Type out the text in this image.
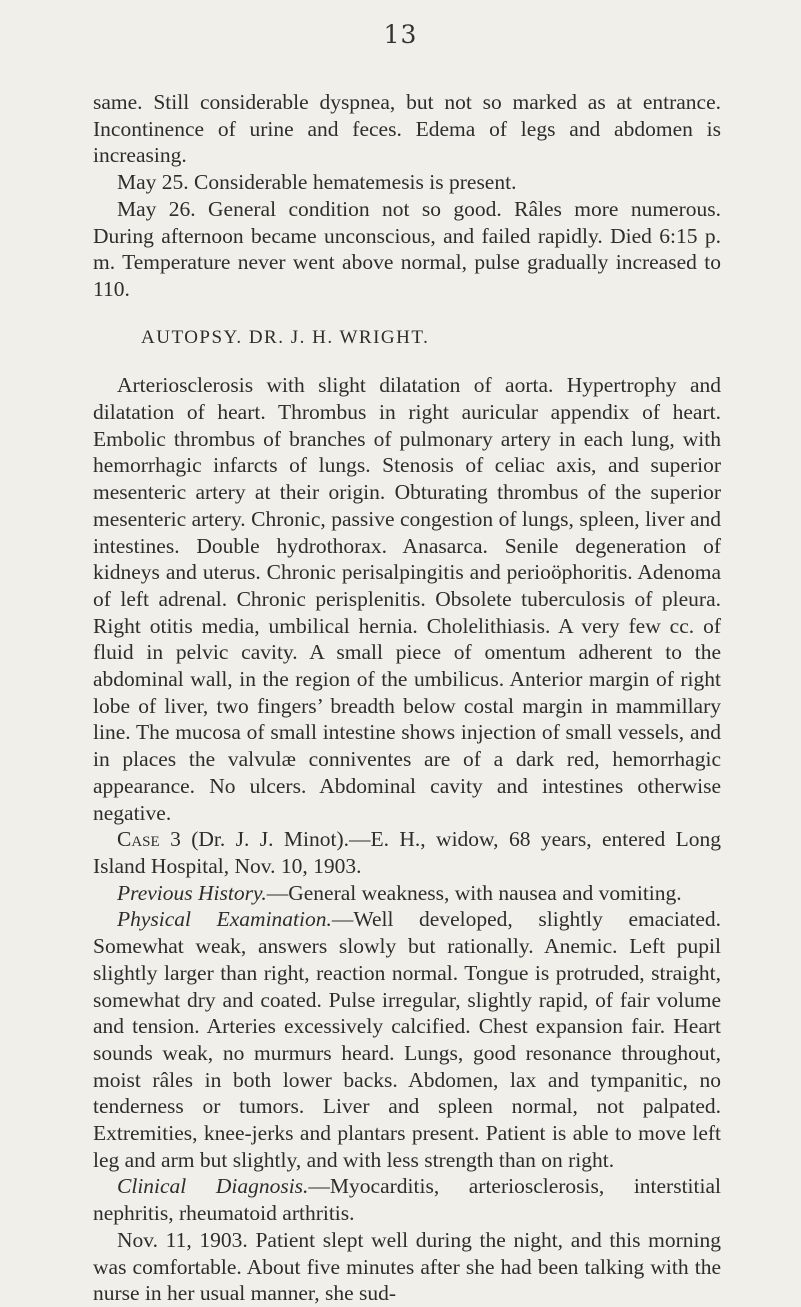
13

same. Still considerable dyspnea, but not so marked as at entrance. Incontinence of urine and feces. Edema of legs and abdomen is increasing.

May 25. Considerable hematemesis is present.

May 26. General condition not so good. Râles more numerous. During afternoon became unconscious, and failed rapidly. Died 6:15 p. m. Temperature never went above normal, pulse gradually increased to 110.

AUTOPSY. DR. J. H. WRIGHT.

Arteriosclerosis with slight dilatation of aorta. Hypertrophy and dilatation of heart. Thrombus in right auricular appendix of heart. Embolic thrombus of branches of pulmonary artery in each lung, with hemorrhagic infarcts of lungs. Stenosis of celiac axis, and superior mesenteric artery at their origin. Obturating thrombus of the superior mesenteric artery. Chronic, passive congestion of lungs, spleen, liver and intestines. Double hydrothorax. Anasarca. Senile degeneration of kidneys and uterus. Chronic perisalpingitis and perioöphoritis. Adenoma of left adrenal. Chronic perisplenitis. Obsolete tuberculosis of pleura. Right otitis media, umbilical hernia. Cholelithiasis. A very few cc. of fluid in pelvic cavity. A small piece of omentum adherent to the abdominal wall, in the region of the umbilicus. Anterior margin of right lobe of liver, two fingers’ breadth below costal margin in mammillary line. The mucosa of small intestine shows injection of small vessels, and in places the valvulæ conniventes are of a dark red, hemorrhagic appearance. No ulcers. Abdominal cavity and intestines otherwise negative.

Case 3 (Dr. J. J. Minot).—E. H., widow, 68 years, entered Long Island Hospital, Nov. 10, 1903.

Previous History.—General weakness, with nausea and vomiting.

Physical Examination.—Well developed, slightly emaciated. Somewhat weak, answers slowly but rationally. Anemic. Left pupil slightly larger than right, reaction normal. Tongue is protruded, straight, somewhat dry and coated. Pulse irregular, slightly rapid, of fair volume and tension. Arteries excessively calcified. Chest expansion fair. Heart sounds weak, no murmurs heard. Lungs, good resonance throughout, moist râles in both lower backs. Abdomen, lax and tympanitic, no tenderness or tumors. Liver and spleen normal, not palpated. Extremities, knee-jerks and plantars present. Patient is able to move left leg and arm but slightly, and with less strength than on right.

Clinical Diagnosis.—Myocarditis, arteriosclerosis, interstitial nephritis, rheumatoid arthritis.

Nov. 11, 1903. Patient slept well during the night, and this morning was comfortable. About five minutes after she had been talking with the nurse in her usual manner, she sud-
